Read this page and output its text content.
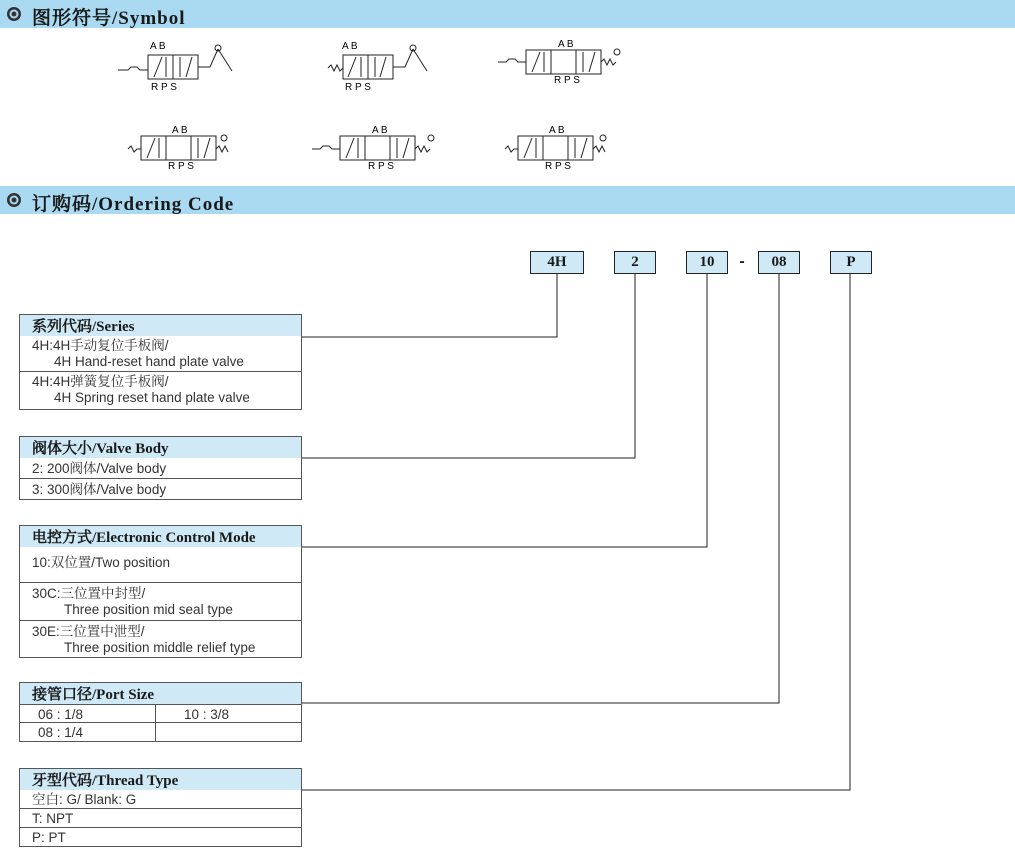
图形符号/Symbol
A B
R P S
A B
R P S
A B
R P S
A B
R P S
A B
R P S
A B
R P S
订购码/Ordering Code
4H	2	10	-	08	P
系列代码/Series
4H:4H手动复位手板阀/
4H Hand-reset hand plate valve
4H:4H弹簧复位手板阀/
4H Spring reset hand plate valve
阀体大小/Valve Body
2: 200阀体/Valve body
3: 300阀体/Valve body
电控方式/Electronic Control Mode
10:双位置/Two position
30C:三位置中封型/
Three position mid seal type
30E:三位置中泄型/
Three position middle relief type
接管口径/Port Size
06 : 1/8	10 : 3/8
08 : 1/4
牙型代码/Thread Type
空白: G/ Blank: G
T: NPT
P: PT
